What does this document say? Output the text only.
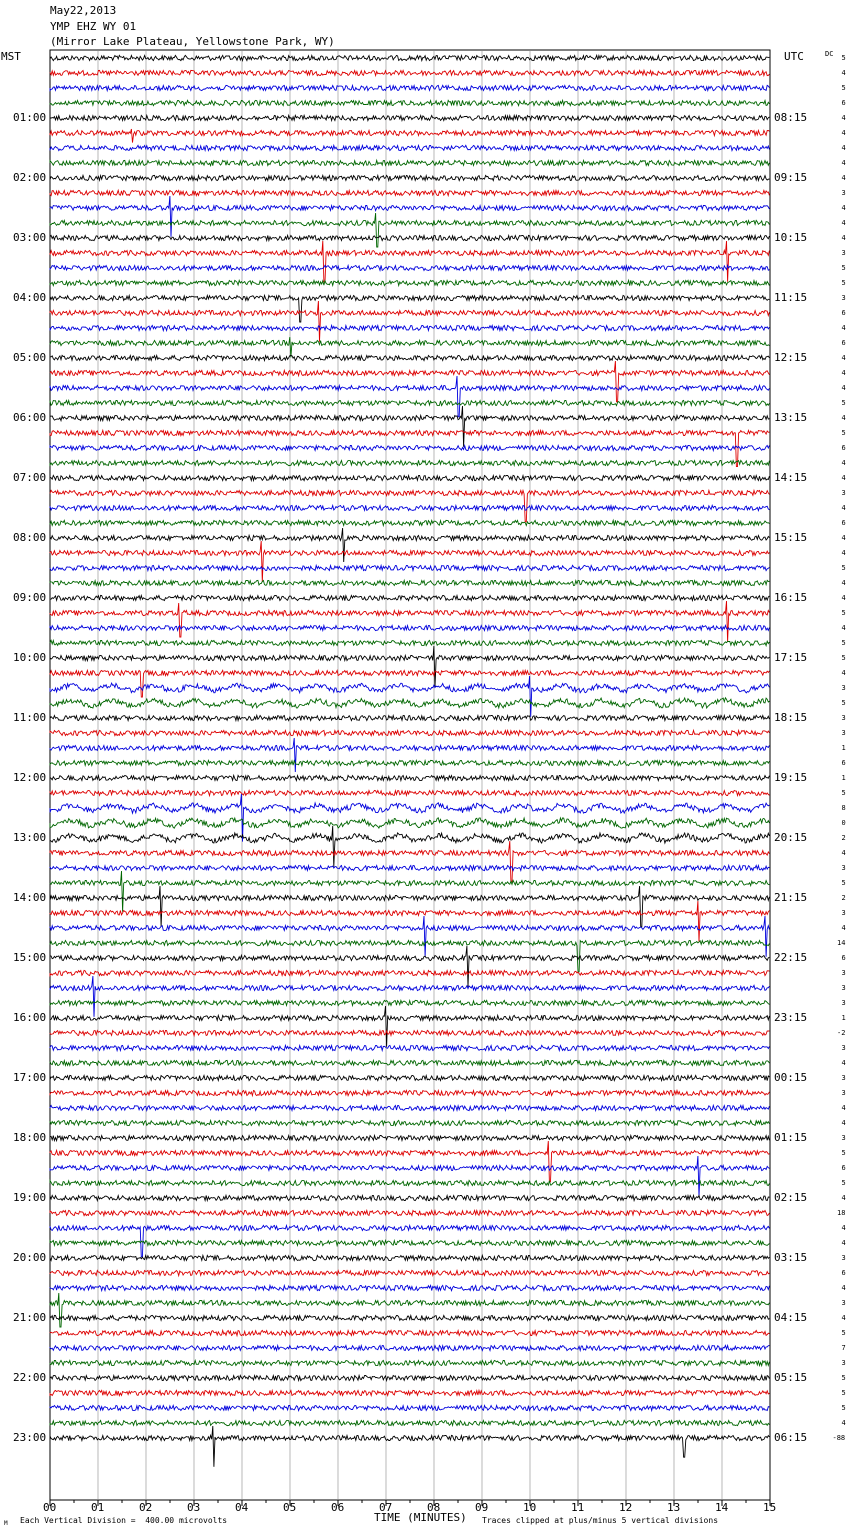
May22,2013
YMP EHZ WY 01
(Mirror Lake Plateau, Yellowstone Park, WY)
MST	UTC	DC
01:00
02:00
03:00
04:00
05:00
06:00
07:00
08:00
09:00
10:00
11:00
12:00
13:00
14:00
15:00
16:00
17:00
18:00
19:00
20:00
21:00
22:00
23:00
08:15
09:15
10:15
11:15
12:15
13:15
14:15
15:15
16:15
17:15
18:15
19:15
20:15
21:15
22:15
23:15
00:15
01:15
02:15
03:15
04:15
05:15
06:15
5
4
5
6
4
4
4
4
4
3
4
4
4
3
5
5
3
6
4
6
4
4
4
5
4
5
6
4
4
3
4
6
4
4
5
4
4
5
4
5
5
4
3
5
3
3
1
6
1
5
8
0
2
4
3
5
2
3
4
14
6
3
3
3
1
-2
3
4
3
3
4
4
3
5
6
5
4
18
4
4
3
6
4
3
4
5
7
3
5
5
5
4
-88
00	01	02	03	04	05	06	07	08	09	10	11	12	13	14	15
M Each Vertical Division =  400.00 microvolts	TIME (MINUTES) Traces clipped at plus/minus 5 vertical divisions
